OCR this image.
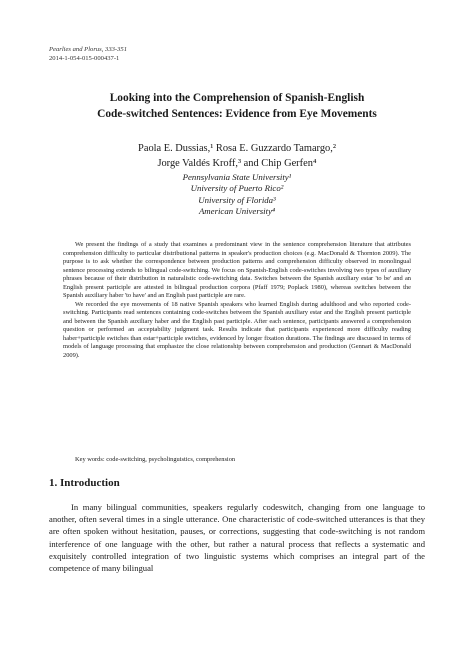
Pearlies and Plorus, 333-351
2014-1-054-015-000437-1
Looking into the Comprehension of Spanish-English
Code-switched Sentences: Evidence from Eye Movements
Paola E. Dussias,¹ Rosa E. Guzzardo Tamargo,²
Jorge Valdés Kroff,³ and Chip Gerfen⁴
Pennsylvania State University¹
University of Puerto Rico²
University of Florida³
American University⁴

We present the findings of a study that examines a predominant view in the sentence comprehension literature that attributes comprehension difficulty to particular distributional patterns in speaker's production choices (e.g. MacDonald & Thornton 2009). The purpose is to ask whether the correspondence between production patterns and comprehension difficulty observed in monolingual sentence processing extends to bilingual code-switching. We focus on Spanish-English code-switches involving two types of auxiliary phrases because of their distribution in naturalistic code-switching data. Switches between the Spanish auxiliary estar 'to be' and an English present participle are attested in bilingual production corpora (Pfaff 1979; Poplack 1980), whereas switches between the Spanish auxiliary haber 'to have' and an English past participle are rare.

We recorded the eye movements of 18 native Spanish speakers who learned English during adulthood and who reported code-switching. Participants read sentences containing code-switches between the Spanish auxiliary estar and the English present participle and between the Spanish auxiliary haber and the English past participle. After each sentence, participants answered a comprehension question or performed an acceptability judgment task. Results indicate that participants experienced more difficulty reading haber+participle switches than estar+participle switches, evidenced by longer fixation durations. The findings are discussed in terms of models of language processing that emphasize the close relationship between comprehension and production (Gennari & MacDonald 2009).

Key words: code-switching, psycholinguistics, comprehension
1. Introduction

In many bilingual communities, speakers regularly codeswitch, changing from one language to another, often several times in a single utterance. One characteristic of code-switched utterances is that they are often spoken without hesitation, pauses, or corrections, suggesting that code-switching is not random interference of one language with the other, but rather a natural process that reflects a systematic and exquisitely controlled integration of two linguistic systems which comprises an integral part of the competence of many bilingual
